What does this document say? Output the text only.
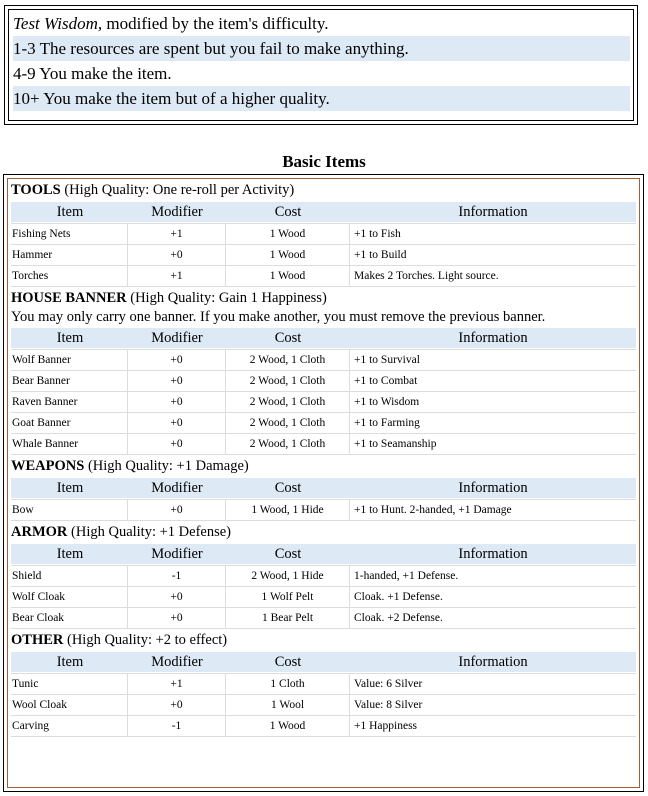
Test Wisdom, modified by the item's difficulty.
1-3 The resources are spent but you fail to make anything.
4-9 You make the item.
10+ You make the item but of a higher quality.
Basic Items
TOOLS (High Quality: One re-roll per Activity)
Item	Modifier	Cost	Information
Fishing Nets	+1	1 Wood	+1 to Fish
Hammer	+0	1 Wood	+1 to Build
Torches	+1	1 Wood	Makes 2 Torches. Light source.
HOUSE BANNER (High Quality: Gain 1 Happiness)
You may only carry one banner. If you make another, you must remove the previous banner.
Item	Modifier	Cost	Information
Wolf Banner	+0	2 Wood, 1 Cloth	+1 to Survival
Bear Banner	+0	2 Wood, 1 Cloth	+1 to Combat
Raven Banner	+0	2 Wood, 1 Cloth	+1 to Wisdom
Goat Banner	+0	2 Wood, 1 Cloth	+1 to Farming
Whale Banner	+0	2 Wood, 1 Cloth	+1 to Seamanship
WEAPONS (High Quality: +1 Damage)
Item	Modifier	Cost	Information
Bow	+0	1 Wood, 1 Hide	+1 to Hunt. 2-handed, +1 Damage
ARMOR (High Quality: +1 Defense)
Item	Modifier	Cost	Information
Shield	-1	2 Wood, 1 Hide	1-handed, +1 Defense.
Wolf Cloak	+0	1 Wolf Pelt	Cloak. +1 Defense.
Bear Cloak	+0	1 Bear Pelt	Cloak. +2 Defense.
OTHER (High Quality: +2 to effect)
Item	Modifier	Cost	Information
Tunic	+1	1 Cloth	Value: 6 Silver
Wool Cloak	+0	1 Wool	Value: 8 Silver
Carving	-1	1 Wood	+1 Happiness
